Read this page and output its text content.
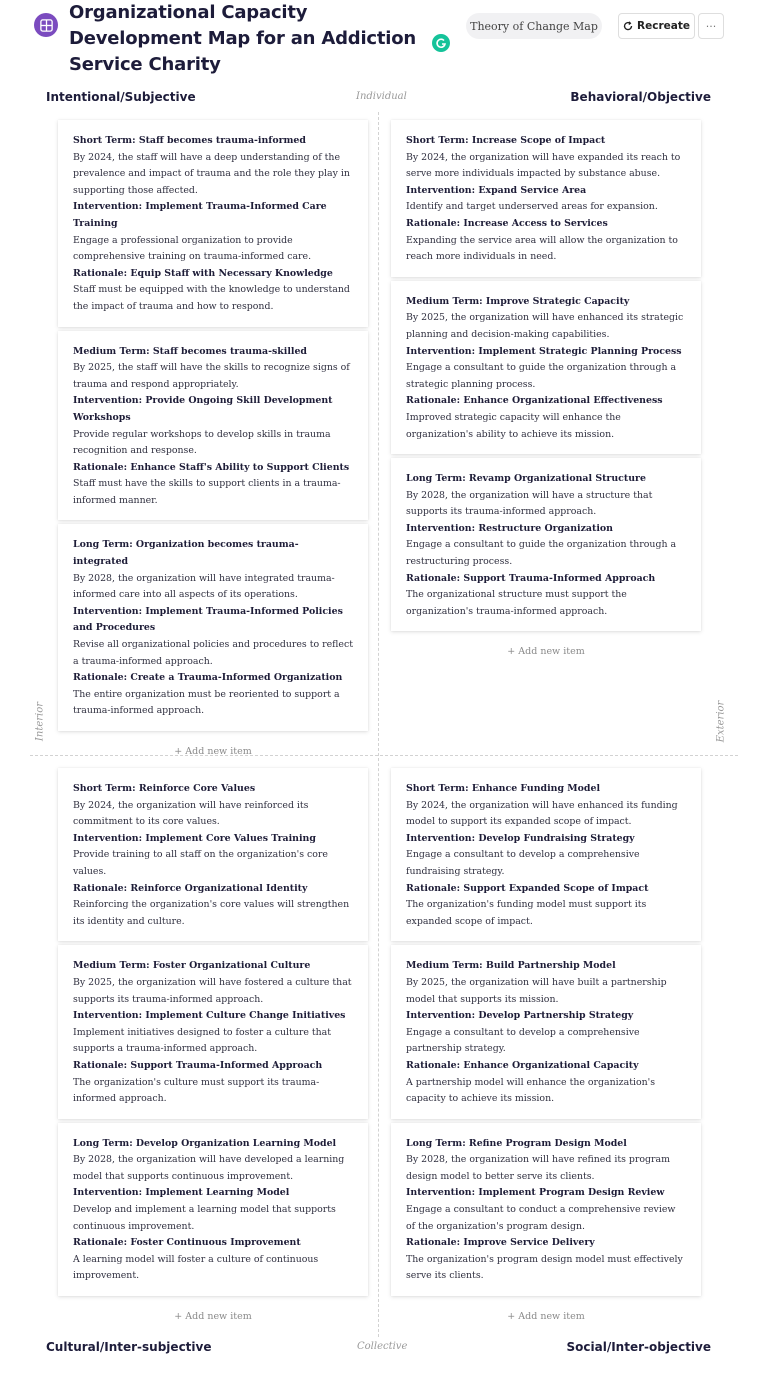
Organizational Capacity Development Map for an Addiction Service Charity
Theory of Change Map	Recreate	···
Intentional/Subjective	Individual	Behavioral/Objective
Cultural/Inter-subjective	Collective	Social/Inter-objective
Interior	Exterior

Short Term: Staff becomes trauma-informed

By 2024, the staff will have a deep understanding of the prevalence and impact of trauma and the role they play in supporting those affected.

Intervention: Implement Trauma-Informed Care Training

Engage a professional organization to provide comprehensive training on trauma-informed care.

Rationale: Equip Staff with Necessary Knowledge

Staff must be equipped with the knowledge to understand the impact of trauma and how to respond.

Medium Term: Staff becomes trauma-skilled

By 2025, the staff will have the skills to recognize signs of trauma and respond appropriately.

Intervention: Provide Ongoing Skill Development Workshops

Provide regular workshops to develop skills in trauma recognition and response.

Rationale: Enhance Staff's Ability to Support Clients

Staff must have the skills to support clients in a trauma-informed manner.

Long Term: Organization becomes trauma-integrated

By 2028, the organization will have integrated trauma-informed care into all aspects of its operations.

Intervention: Implement Trauma-Informed Policies and Procedures

Revise all organizational policies and procedures to reflect a trauma-informed approach.

Rationale: Create a Trauma-Informed Organization

The entire organization must be reoriented to support a trauma-informed approach.

+ Add new item

Short Term: Increase Scope of Impact

By 2024, the organization will have expanded its reach to serve more individuals impacted by substance abuse.

Intervention: Expand Service Area

Identify and target underserved areas for expansion.

Rationale: Increase Access to Services

Expanding the service area will allow the organization to reach more individuals in need.

Medium Term: Improve Strategic Capacity

By 2025, the organization will have enhanced its strategic planning and decision-making capabilities.

Intervention: Implement Strategic Planning Process

Engage a consultant to guide the organization through a strategic planning process.

Rationale: Enhance Organizational Effectiveness

Improved strategic capacity will enhance the organization's ability to achieve its mission.

Long Term: Revamp Organizational Structure

By 2028, the organization will have a structure that supports its trauma-informed approach.

Intervention: Restructure Organization

Engage a consultant to guide the organization through a restructuring process.

Rationale: Support Trauma-Informed Approach

The organizational structure must support the organization's trauma-informed approach.

+ Add new item

Short Term: Reinforce Core Values

By 2024, the organization will have reinforced its commitment to its core values.

Intervention: Implement Core Values Training

Provide training to all staff on the organization's core values.

Rationale: Reinforce Organizational Identity

Reinforcing the organization's core values will strengthen its identity and culture.

Medium Term: Foster Organizational Culture

By 2025, the organization will have fostered a culture that supports its trauma-informed approach.

Intervention: Implement Culture Change Initiatives

Implement initiatives designed to foster a culture that supports a trauma-informed approach.

Rationale: Support Trauma-Informed Approach

The organization's culture must support its trauma-informed approach.

Long Term: Develop Organization Learning Model

By 2028, the organization will have developed a learning model that supports continuous improvement.

Intervention: Implement Learning Model

Develop and implement a learning model that supports continuous improvement.

Rationale: Foster Continuous Improvement

A learning model will foster a culture of continuous improvement.

+ Add new item

Short Term: Enhance Funding Model

By 2024, the organization will have enhanced its funding model to support its expanded scope of impact.

Intervention: Develop Fundraising Strategy

Engage a consultant to develop a comprehensive fundraising strategy.

Rationale: Support Expanded Scope of Impact

The organization's funding model must support its expanded scope of impact.

Medium Term: Build Partnership Model

By 2025, the organization will have built a partnership model that supports its mission.

Intervention: Develop Partnership Strategy

Engage a consultant to develop a comprehensive partnership strategy.

Rationale: Enhance Organizational Capacity

A partnership model will enhance the organization's capacity to achieve its mission.

Long Term: Refine Program Design Model

By 2028, the organization will have refined its program design model to better serve its clients.

Intervention: Implement Program Design Review

Engage a consultant to conduct a comprehensive review of the organization's program design.

Rationale: Improve Service Delivery

The organization's program design model must effectively serve its clients.

+ Add new item
